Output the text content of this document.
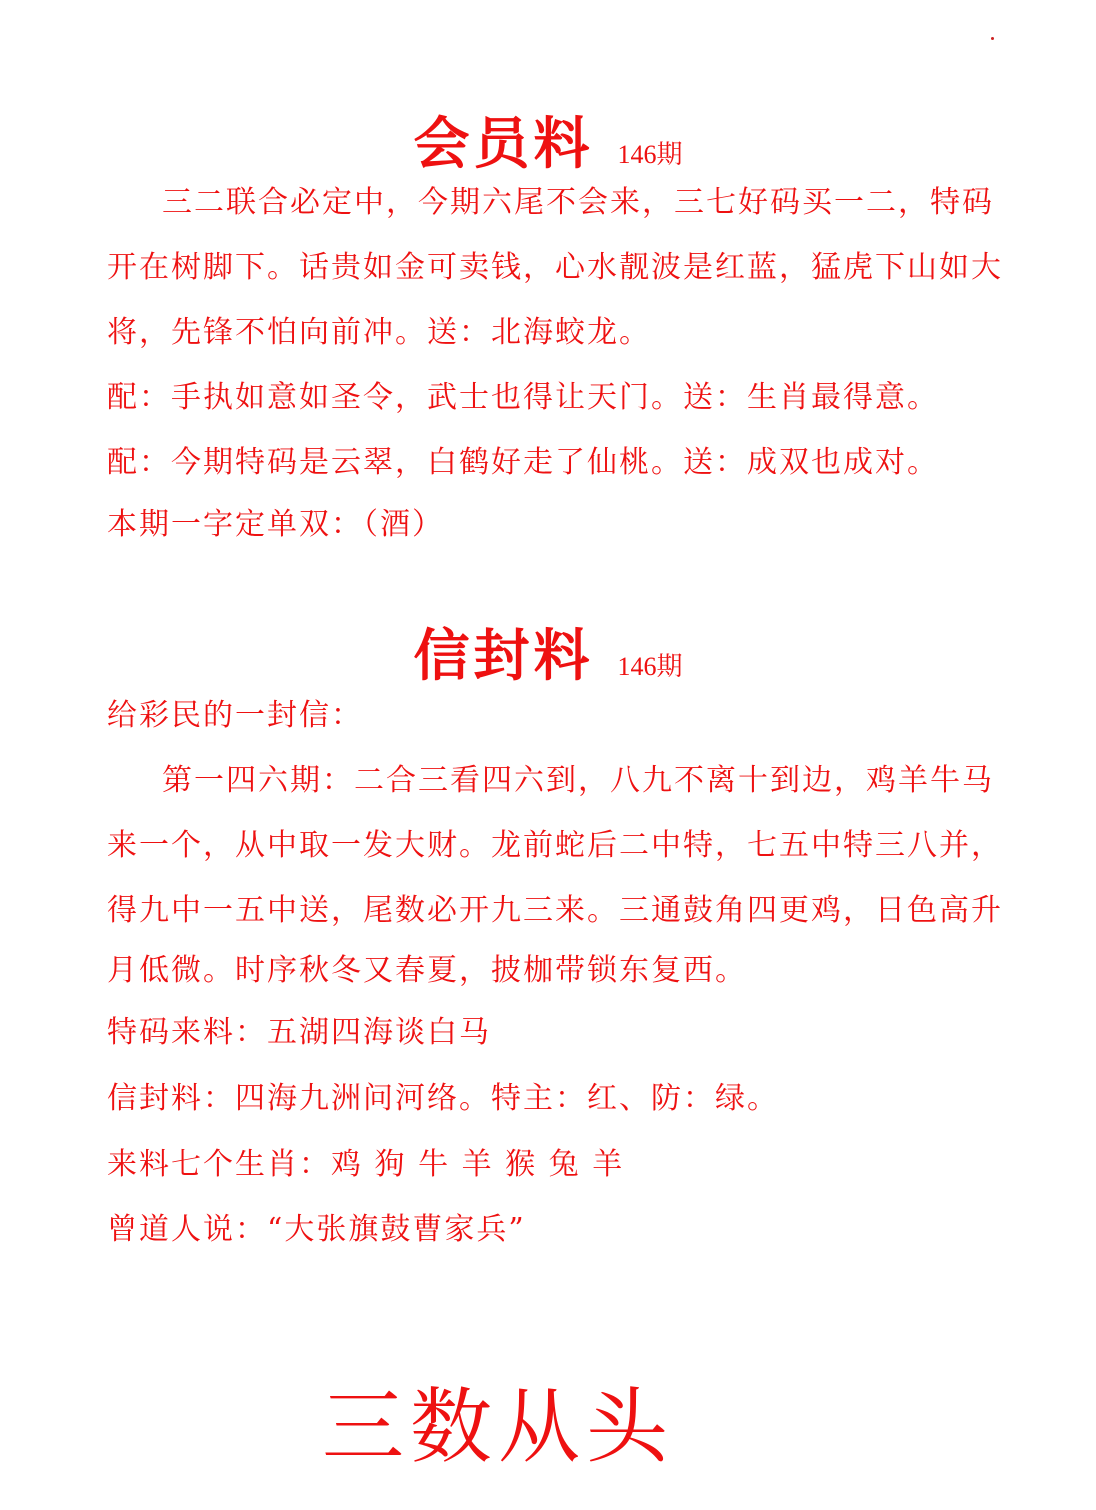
会员料 146期
三二联合必定中，今期六尾不会来，三七好码买一二，特码
开在树脚下。话贵如金可卖钱，心水靓波是红蓝，猛虎下山如大
将，先锋不怕向前冲。送：北海蛟龙。
配：手执如意如圣令，武士也得让天门。送：生肖最得意。
配：今期特码是云翠，白鹤好走了仙桃。送：成双也成对。
本期一字定单双：（酒）
信封料 146期
给彩民的一封信：
第一四六期：二合三看四六到，八九不离十到边，鸡羊牛马
来一个，从中取一发大财。龙前蛇后二中特，七五中特三八并，
得九中一五中送，尾数必开九三来。三通鼓角四更鸡，日色高升
月低微。时序秋冬又春夏，披枷带锁东复西。
特码来料：五湖四海谈白马
信封料：四海九洲问河络。特主：红、防：绿。
来料七个生肖：鸡 狗 牛 羊 猴 兔 羊
曾道人说：“大张旗鼓曹家兵”
三数从头
